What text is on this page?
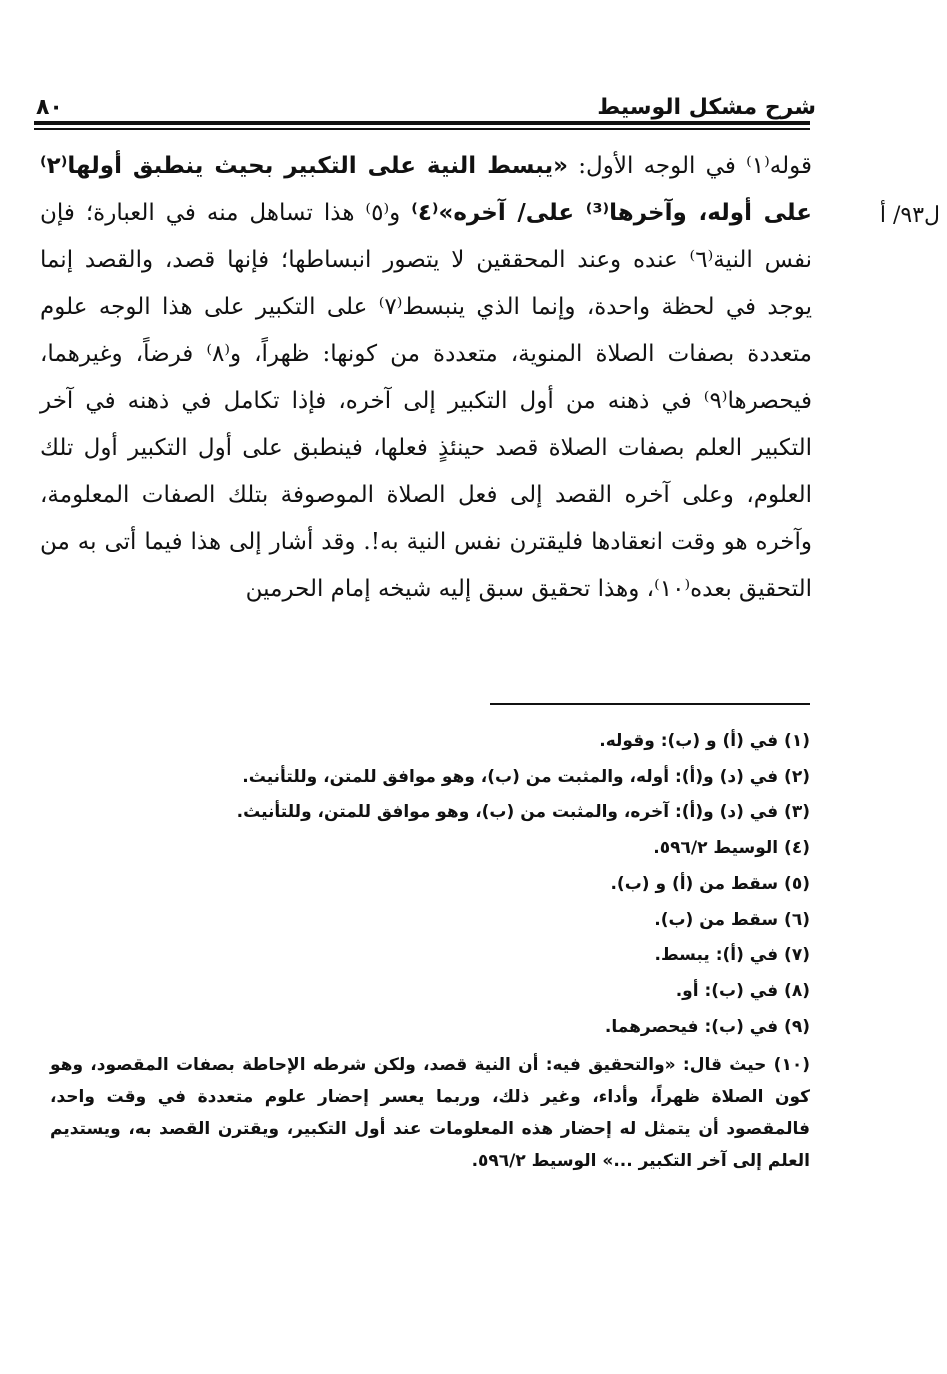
شرح مشكل الوسيط
٨٠
ل٩٣/ أ
قوله⁽١⁾ في الوجه الأول: «يبسط النية على التكبير بحيث ينطبق أولها⁽٢⁾ على أوله، وآخرها⁽³⁾ على/ آخره»⁽٤⁾ و⁽٥⁾ هذا تساهل منه في العبارة؛ فإن نفس النية⁽٦⁾ عنده وعند المحققين لا يتصور انبساطها؛ فإنها قصد، والقصد إنما يوجد في لحظة واحدة، وإنما الذي ينبسط⁽٧⁾ على التكبير على هذا الوجه علوم متعددة بصفات الصلاة المنوية، متعددة من كونها: ظهراً، و⁽٨⁾ فرضاً، وغيرهما، فيحصرها⁽٩⁾ في ذهنه من أول التكبير إلى آخره، فإذا تكامل في ذهنه في آخر التكبير العلم بصفات الصلاة قصد حينئذٍ فعلها، فينطبق على أول التكبير أول تلك العلوم، وعلى آخره القصد إلى فعل الصلاة الموصوفة بتلك الصفات المعلومة، وآخره هو وقت انعقادها فليقترن نفس النية به!. وقد أشار إلى هذا فيما أتى به من التحقيق بعده⁽١٠⁾، وهذا تحقيق سبق إليه شيخه إمام الحرمين
(١) في (أ) و (ب): وقوله.
(٢) في (د) و(أ): أوله، والمثبت من (ب)، وهو موافق للمتن، وللتأنيث.
(٣) في (د) و(أ): آخره، والمثبت من (ب)، وهو موافق للمتن، وللتأنيث.
(٤) الوسيط ٥٩٦/٢.
(٥) سقط من (أ) و (ب).
(٦) سقط من (ب).
(٧) في (أ): يبسط.
(٨) في (ب): أو.
(٩) في (ب): فيحصرهما.
(١٠) حيث قال: «والتحقيق فيه: أن النية قصد، ولكن شرطه الإحاطة بصفات المقصود، وهو كون الصلاة ظهراً، وأداء، وغير ذلك، وربما يعسر إحضار علوم متعددة في وقت واحد، فالمقصود أن يتمثل له إحضار هذه المعلومات عند أول التكبير، ويقترن القصد به، ويستديم العلم إلى آخر التكبير ...» الوسيط ٥٩٦/٢.
